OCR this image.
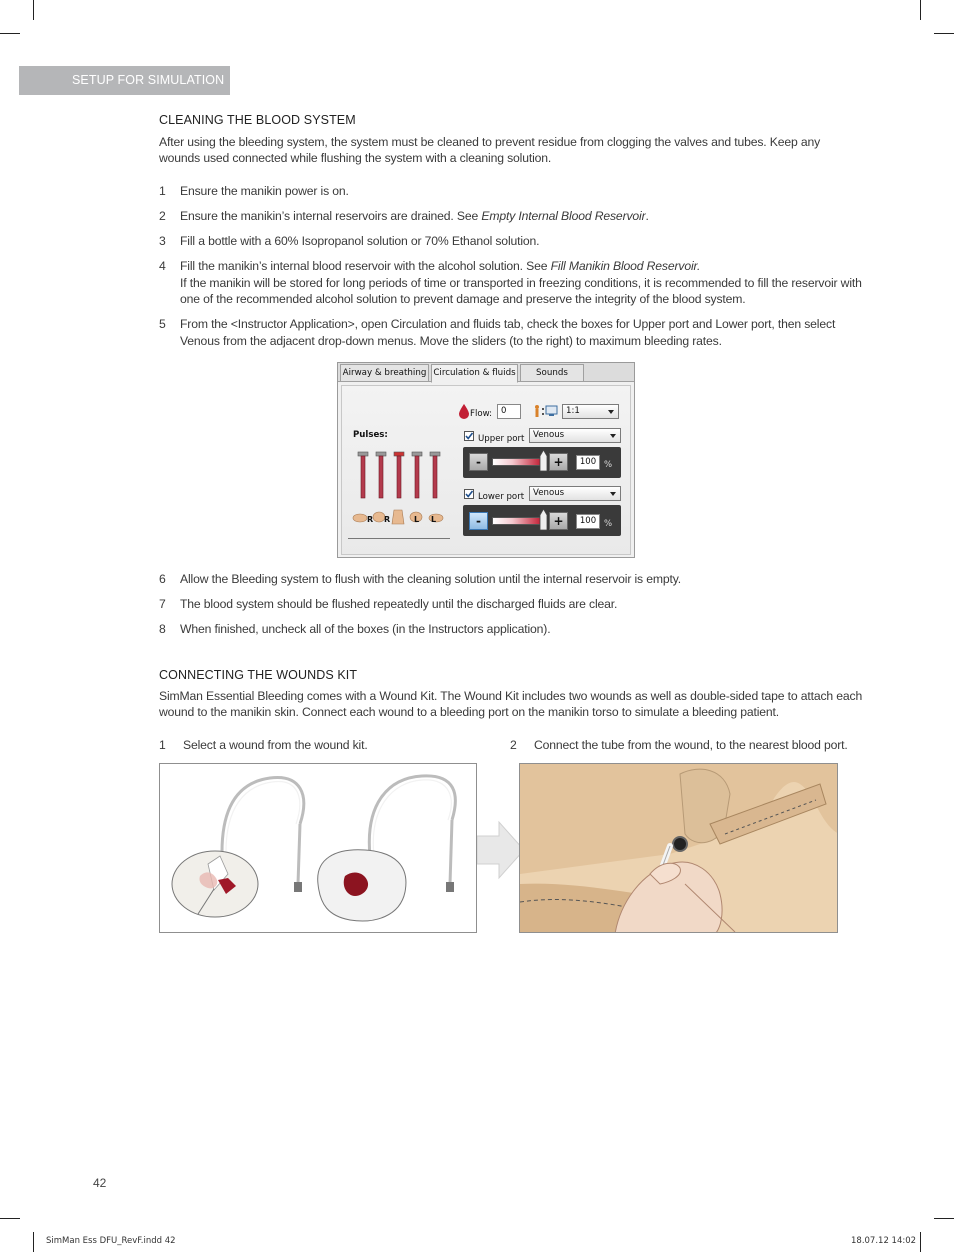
SETUP FOR SIMULATION
CLEANING THE BLOOD SYSTEM
After using the bleeding system, the system must be cleaned to prevent residue from clogging the valves and tubes. Keep any wounds used connected while flushing the system with a cleaning solution.
1	Ensure the manikin power is on.
2	Ensure the manikin’s internal reservoirs are drained. See Empty Internal Blood Reservoir.
3	Fill a bottle with a 60% Isopropanol solution or 70% Ethanol solution.
4	Fill the manikin’s internal blood reservoir with the alcohol solution. See Fill Manikin Blood Reservoir.
If the manikin will be stored for long periods of time or transported in freezing conditions, it is recommended to fill the reservoir with one of the recommended alcohol solution to prevent damage and preserve the integrity of the blood system.
5	From the <Instructor Application>, open Circulation and fluids tab, check the boxes for Upper port and Lower port, then select Venous from the adjacent drop-down menus. Move the sliders (to the right) to maximum bleeding rates.
Airway & breathing Circulation & fluids	Sounds
Pulses:
R R	L L
Flow:	0	1:1
Upper port	Venous
-	+	100 %
Lower port	Venous
-	+	100 %
6	Allow the Bleeding system to flush with the cleaning solution until the internal reservoir is empty.
7	The blood system should be flushed repeatedly until the discharged fluids are clear.
8	When finished, uncheck all of the boxes (in the Instructors application).
CONNECTING THE WOUNDS KIT
SimMan Essential Bleeding comes with a Wound Kit. The Wound Kit includes two wounds as well as double-sided tape to attach each wound to the manikin skin. Connect each wound to a bleeding port on the manikin torso to simulate a bleeding patient.
1 Select a wound from the wound kit.	2 Connect the tube from the wound, to the nearest blood port.
42
SimMan Ess DFU_RevF.indd 42	18.07.12 14:02
